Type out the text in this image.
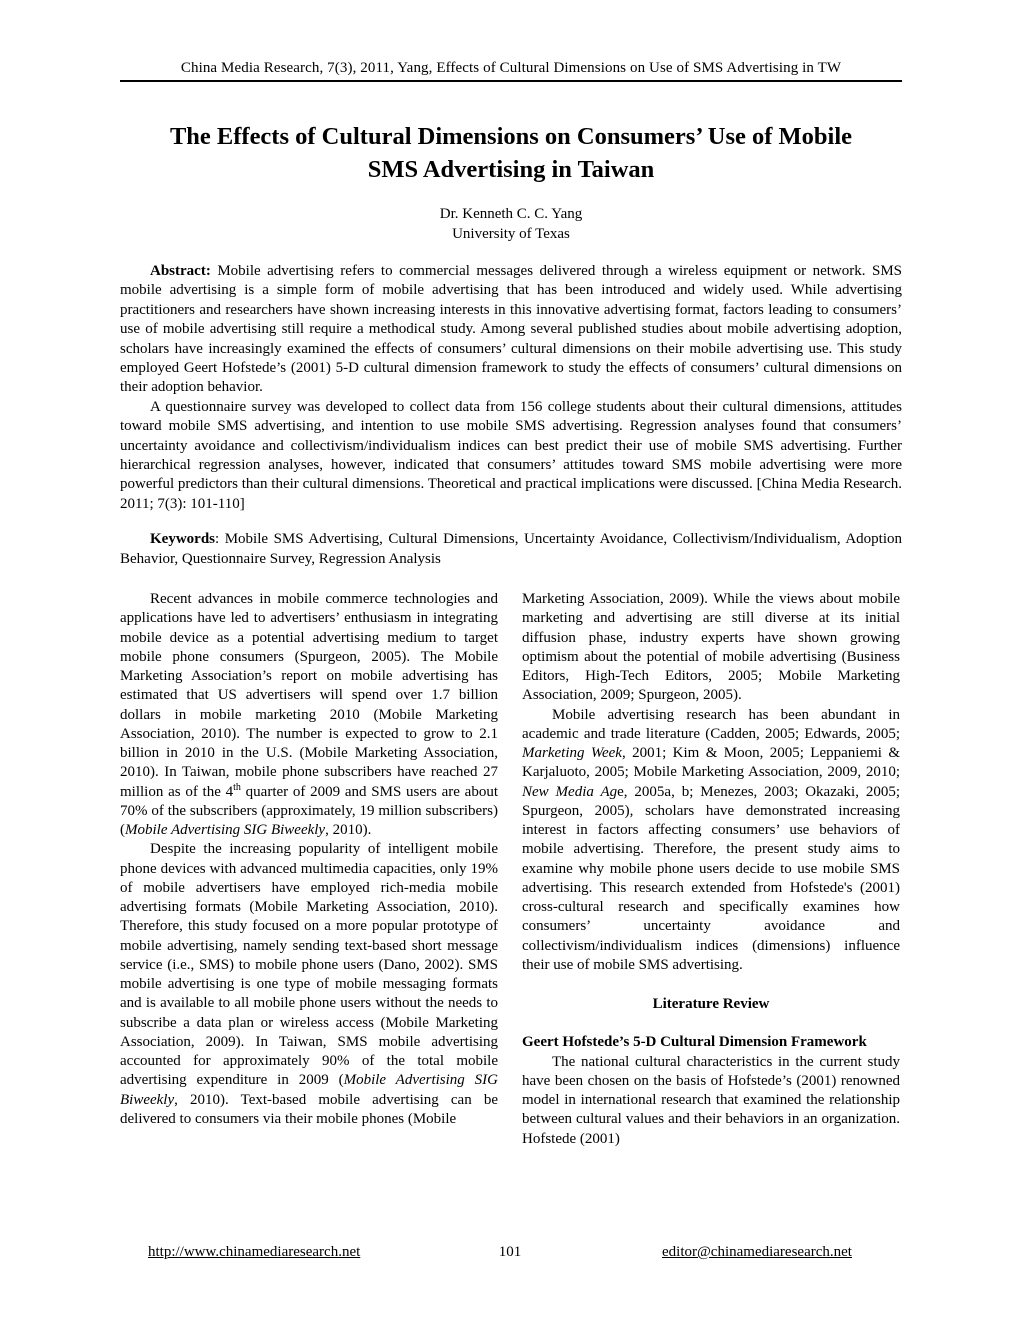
China Media Research, 7(3), 2011, Yang, Effects of Cultural Dimensions on Use of SMS Advertising in TW
The Effects of Cultural Dimensions on Consumers’ Use of Mobile
SMS Advertising in Taiwan
Dr. Kenneth C. C. Yang
University of Texas

Abstract: Mobile advertising refers to commercial messages delivered through a wireless equipment or network. SMS mobile advertising is a simple form of mobile advertising that has been introduced and widely used. While advertising practitioners and researchers have shown increasing interests in this innovative advertising format, factors leading to consumers’ use of mobile advertising still require a methodical study. Among several published studies about mobile advertising adoption, scholars have increasingly examined the effects of consumers’ cultural dimensions on their mobile advertising use. This study employed Geert Hofstede’s (2001) 5-D cultural dimension framework to study the effects of consumers’ cultural dimensions on their adoption behavior.

A questionnaire survey was developed to collect data from 156 college students about their cultural dimensions, attitudes toward mobile SMS advertising, and intention to use mobile SMS advertising. Regression analyses found that consumers’ uncertainty avoidance and collectivism/individualism indices can best predict their use of mobile SMS advertising. Further hierarchical regression analyses, however, indicated that consumers’ attitudes toward SMS mobile advertising were more powerful predictors than their cultural dimensions. Theoretical and practical implications were discussed. [China Media Research. 2011; 7(3): 101-110]

Keywords: Mobile SMS Advertising, Cultural Dimensions, Uncertainty Avoidance, Collectivism/Individualism, Adoption Behavior, Questionnaire Survey, Regression Analysis

Recent advances in mobile commerce technologies and applications have led to advertisers’ enthusiasm in integrating mobile device as a potential advertising medium to target mobile phone consumers (Spurgeon, 2005). The Mobile Marketing Association’s report on mobile advertising has estimated that US advertisers will spend over 1.7 billion dollars in mobile marketing 2010 (Mobile Marketing Association, 2010). The number is expected to grow to 2.1 billion in 2010 in the U.S. (Mobile Marketing Association, 2010). In Taiwan, mobile phone subscribers have reached 27 million as of the 4th quarter of 2009 and SMS users are about 70% of the subscribers (approximately, 19 million subscribers) (Mobile Advertising SIG Biweekly, 2010).

Despite the increasing popularity of intelligent mobile phone devices with advanced multimedia capacities, only 19% of mobile advertisers have employed rich-media mobile advertising formats (Mobile Marketing Association, 2010). Therefore, this study focused on a more popular prototype of mobile advertising, namely sending text-based short message service (i.e., SMS) to mobile phone users (Dano, 2002). SMS mobile advertising is one type of mobile messaging formats and is available to all mobile phone users without the needs to subscribe a data plan or wireless access (Mobile Marketing Association, 2009). In Taiwan, SMS mobile advertising accounted for approximately 90% of the total mobile advertising expenditure in 2009 (Mobile Advertising SIG Biweekly, 2010). Text-based mobile advertising can be delivered to consumers via their mobile phones (Mobile

Marketing Association, 2009). While the views about mobile marketing and advertising are still diverse at its initial diffusion phase, industry experts have shown growing optimism about the potential of mobile advertising (Business Editors, High-Tech Editors, 2005; Mobile Marketing Association, 2009; Spurgeon, 2005).

Mobile advertising research has been abundant in academic and trade literature (Cadden, 2005; Edwards, 2005; Marketing Week, 2001; Kim & Moon, 2005; Leppaniemi & Karjaluoto, 2005; Mobile Marketing Association, 2009, 2010; New Media Age, 2005a, b; Menezes, 2003; Okazaki, 2005; Spurgeon, 2005), scholars have demonstrated increasing interest in factors affecting consumers’ use behaviors of mobile advertising. Therefore, the present study aims to examine why mobile phone users decide to use mobile SMS advertising. This research extended from Hofstede's (2001) cross-cultural research and specifically examines how consumers’ uncertainty avoidance and collectivism/individualism indices (dimensions) influence their use of mobile SMS advertising.

Literature Review
Geert Hofstede’s 5-D Cultural Dimension Framework

The national cultural characteristics in the current study have been chosen on the basis of Hofstede’s (2001) renowned model in international research that examined the relationship between cultural values and their behaviors in an organization. Hofstede (2001)

http://www.chinamediaresearch.net	101	editor@chinamediaresearch.net
